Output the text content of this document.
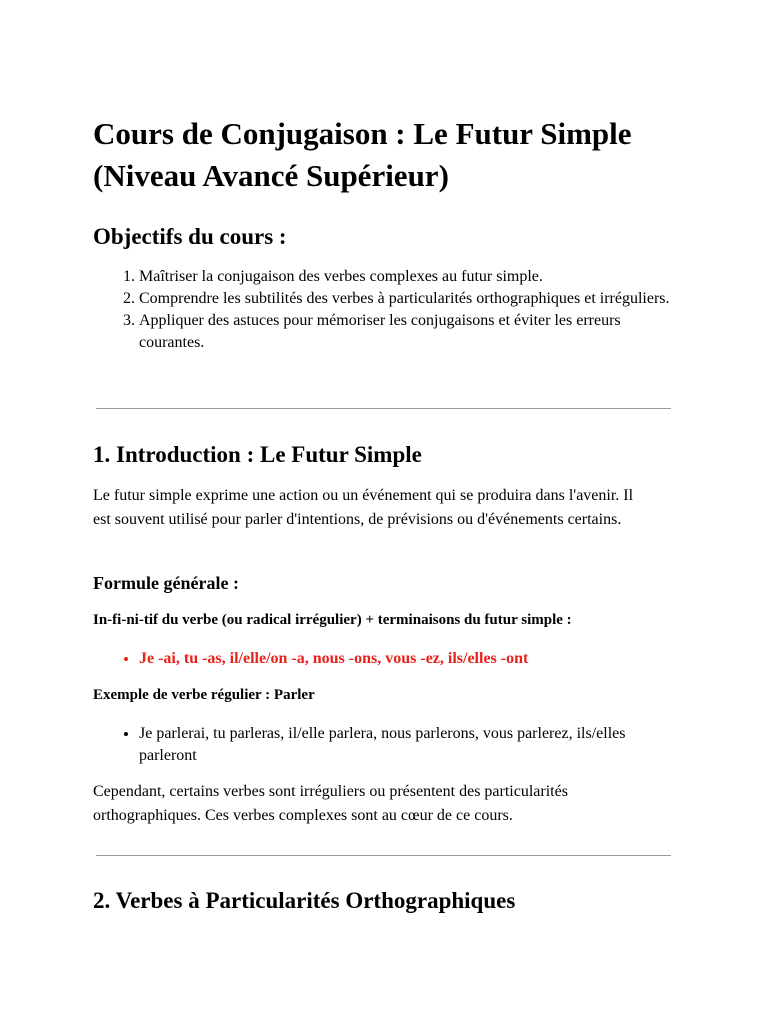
Cours de Conjugaison : Le Futur Simple (Niveau Avancé Supérieur)
Objectifs du cours :
1. Maîtriser la conjugaison des verbes complexes au futur simple.
2. Comprendre les subtilités des verbes à particularités orthographiques et irréguliers.
3. Appliquer des astuces pour mémoriser les conjugaisons et éviter les erreurs courantes.
1. Introduction : Le Futur Simple

Le futur simple exprime une action ou un événement qui se produira dans l'avenir. Il est souvent utilisé pour parler d'intentions, de prévisions ou d'événements certains.

Formule générale :

In-fi-ni-tif du verbe (ou radical irrégulier) + terminaisons du futur simple :

• Je -ai, tu -as, il/elle/on -a, nous -ons, vous -ez, ils/elles -ont

Exemple de verbe régulier : Parler

• Je parlerai, tu parleras, il/elle parlera, nous parlerons, vous parlerez, ils/elles parleront

Cependant, certains verbes sont irréguliers ou présentent des particularités orthographiques. Ces verbes complexes sont au cœur de ce cours.

2. Verbes à Particularités Orthographiques
